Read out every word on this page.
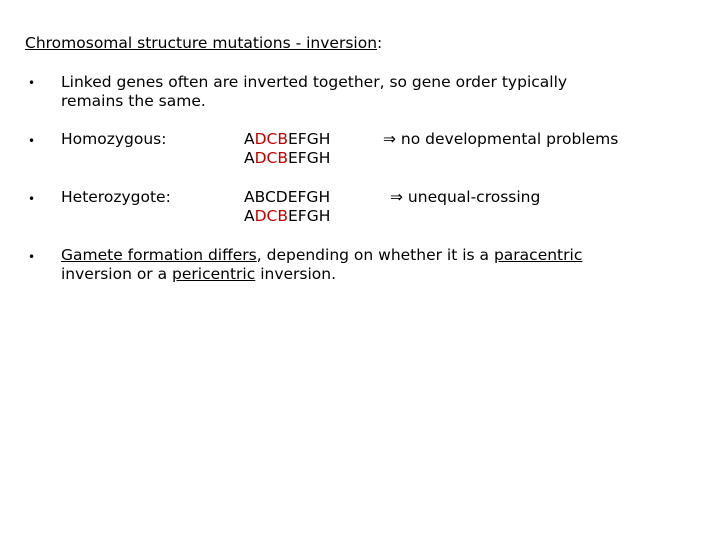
Chromosomal structure mutations - inversion:
• Linked genes often are inverted together, so gene order typically
remains the same.
• Homozygous:	ADCBEFGH
ADCBEFGH
⇒ no developmental problems
• Heterozygote:	ABCDEFGH
ADCBEFGH
⇒ unequal-crossing
• Gamete formation differs, depending on whether it is a paracentric
inversion or a pericentric inversion.
